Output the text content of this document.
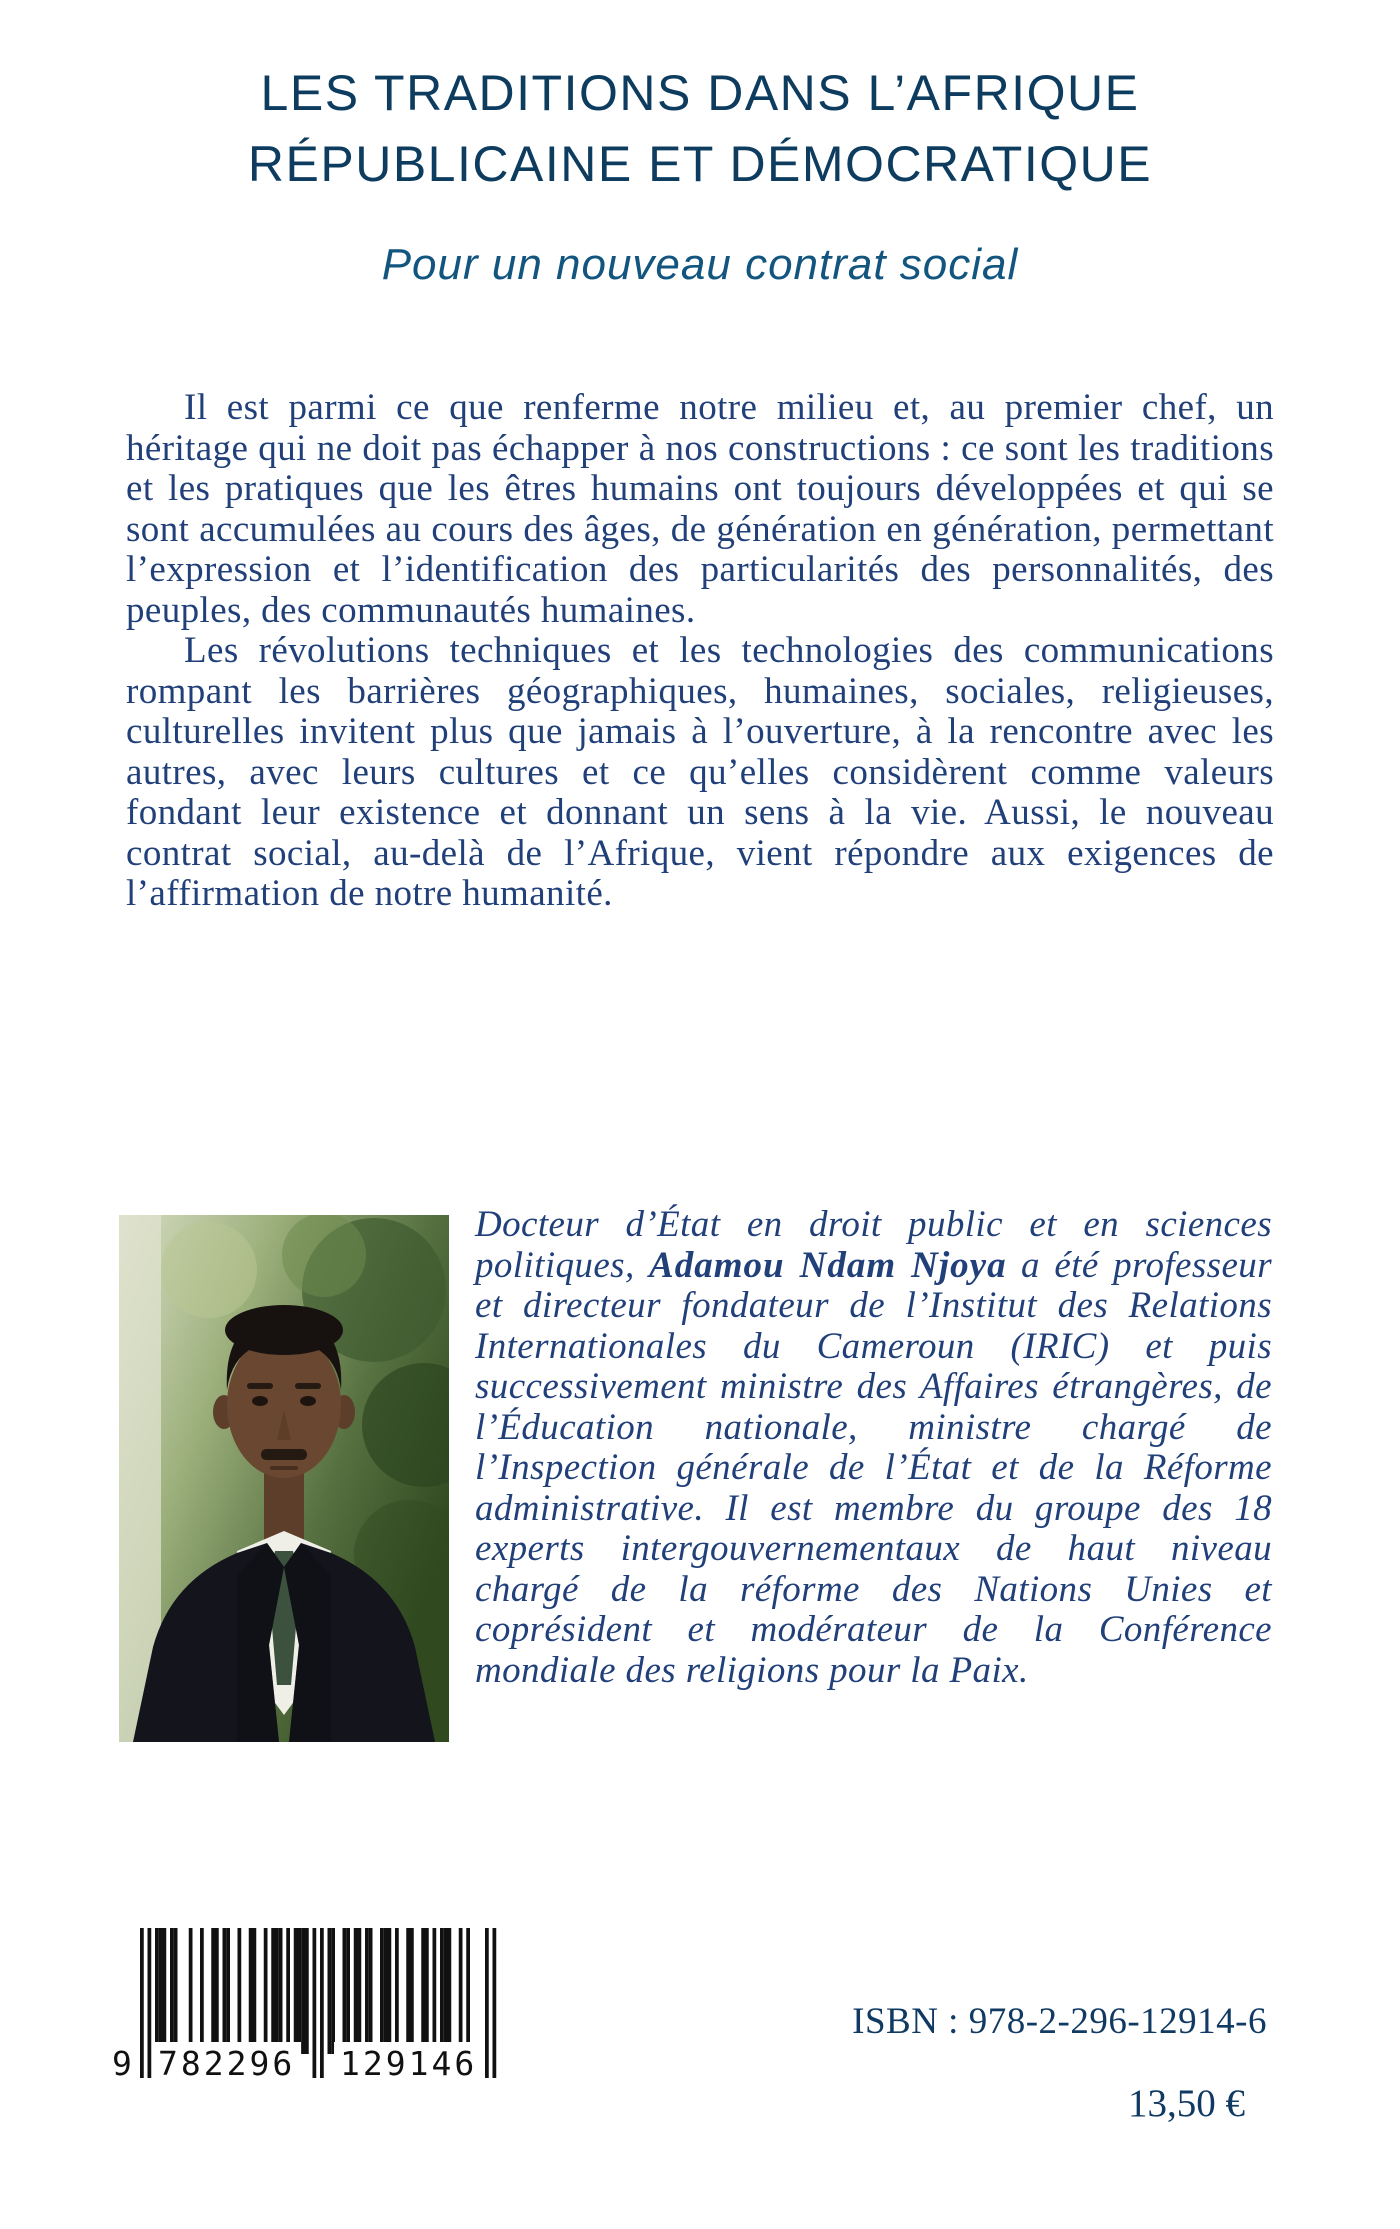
LES TRADITIONS DANS L’AFRIQUE
RÉPUBLICAINE ET DÉMOCRATIQUE
Pour un nouveau contrat social

Il est parmi ce que renferme notre milieu et, au premier chef, un héritage qui ne doit pas échapper à nos constructions : ce sont les traditions et les pratiques que les êtres humains ont toujours développées et qui se sont accumulées au cours des âges, de génération en génération, permettant l’expression et l’identification des particularités des personnalités, des peuples, des communautés humaines.

Les révolutions techniques et les technologies des communications rompant les barrières géographiques, humaines, sociales, religieuses, culturelles invitent plus que jamais à l’ouverture, à la rencontre avec les autres, avec leurs cultures et ce qu’elles considèrent comme valeurs fondant leur existence et donnant un sens à la vie. Aussi, le nouveau contrat social, au-delà de l’Afrique, vient répondre aux exigences de l’affirmation de notre humanité.

Docteur d’État en droit public et en sciences politiques, Adamou Ndam Njoya a été professeur et directeur fondateur de l’Institut des Relations Internationales du Cameroun (IRIC) et puis successivement ministre des Affaires étrangères, de l’Éducation nationale, ministre chargé de l’Inspection générale de l’État et de la Réforme administrative. Il est membre du groupe des 18 experts intergouvernementaux de haut niveau chargé de la réforme des Nations Unies et coprésident et modérateur de la Conférence mondiale des religions pour la Paix.

9 782296 129146
ISBN : 978-2-296-12914-6
13,50 €
